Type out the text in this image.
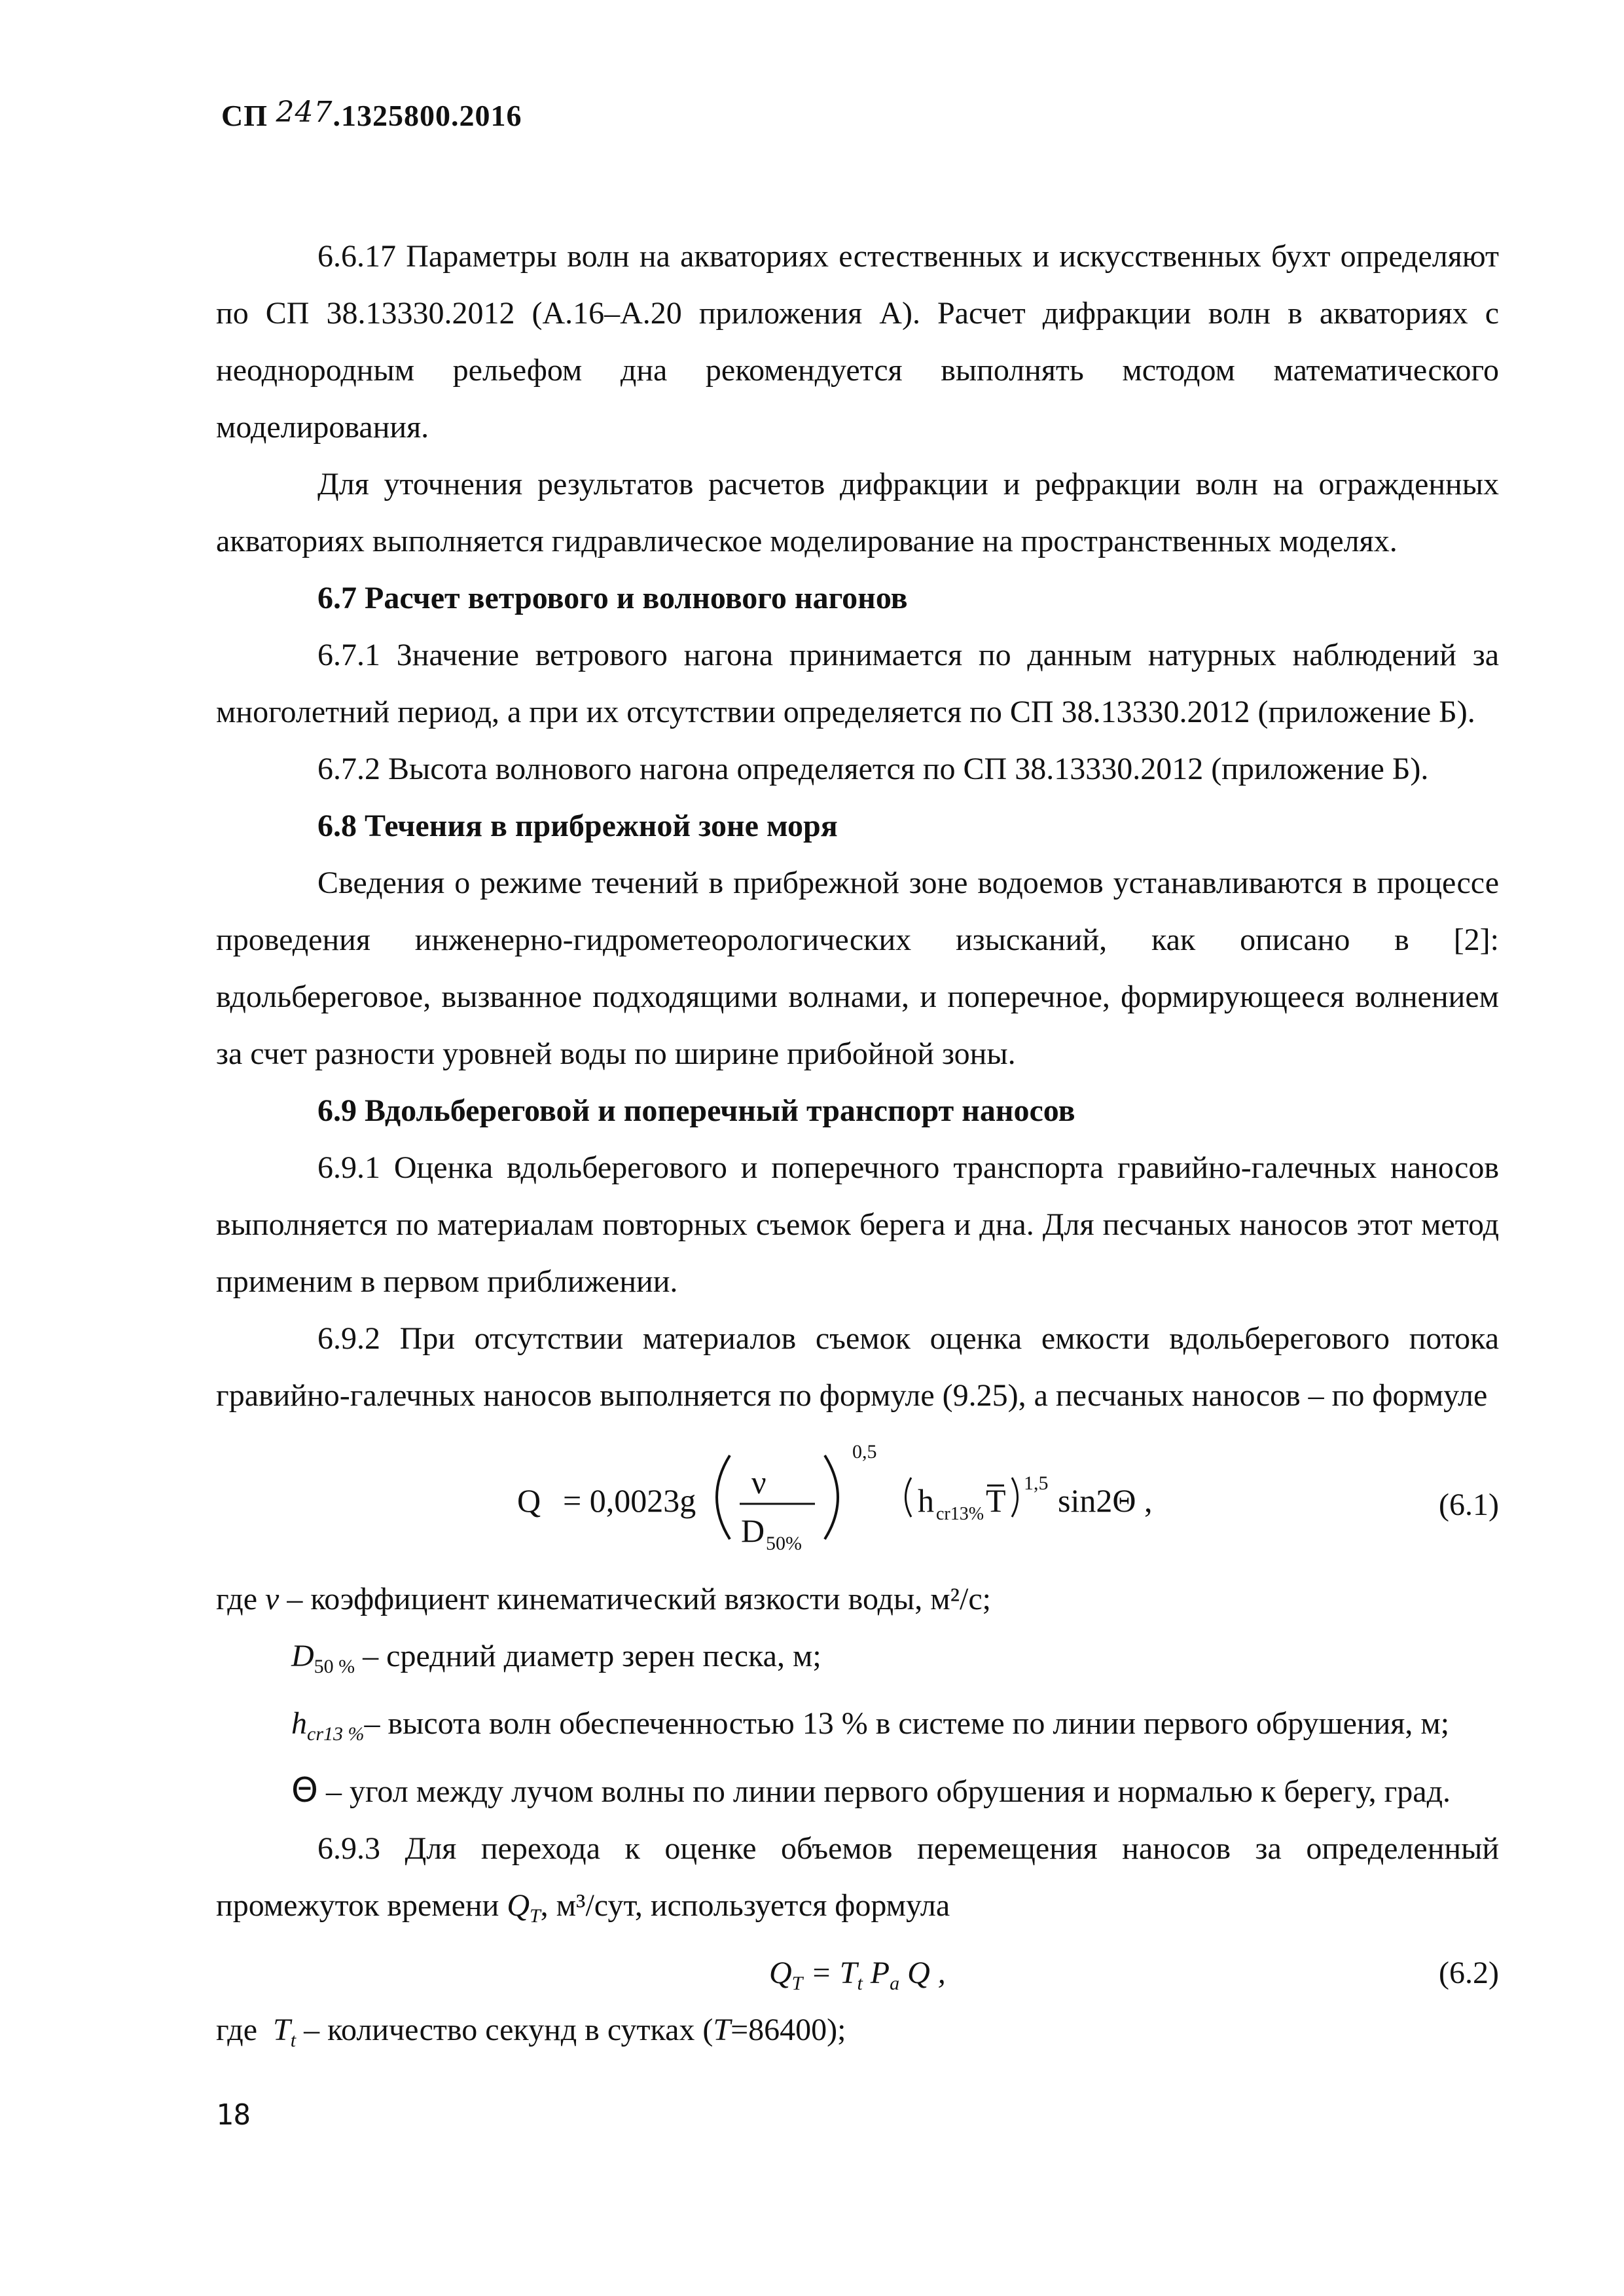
СП 247.1325800.2016

6.6.17 Параметры волн на акваториях естественных и искусственных бухт определяют по СП 38.13330.2012 (А.16–А.20 приложения А). Расчет дифракции волн в акваториях с неоднородным рельефом дна рекомендуется выполнять мстодом математического моделирования.

Для уточнения результатов расчетов дифракции и рефракции волн на огражденных акваториях выполняется гидравлическое моделирование на пространственных моделях.

6.7 Расчет ветрового и волнового нагонов

6.7.1 Значение ветрового нагона принимается по данным натурных наблюдений за многолетний период, а при их отсутствии определяется по СП 38.13330.2012 (приложение Б).

6.7.2 Высота волнового нагона определяется по СП 38.13330.2012 (приложение Б).

6.8 Течения в прибрежной зоне моря

Сведения о режиме течений в прибрежной зоне водоемов устанавливаются в процессе проведения инженерно-гидрометеорологических изысканий, как описано в [2]: вдольбереговое, вызванное подходящими волнами, и поперечное, формирующееся волнением за счет разности уровней воды по ширине прибойной зоны.

6.9 Вдольбереговой и поперечный транспорт наносов

6.9.1 Оценка вдольберегового и поперечного транспорта гравийно-галечных наносов выполняется по материалам повторных съемок берега и дна. Для песчаных наносов этот метод применим в первом приближении.

6.9.2 При отсутствии материалов съемок оценка емкости вдольберегового потока гравийно-галечных наносов выполняется по формуле (9.25), а песчаных наносов – по формуле

Q = 0,0023g ν
D 50%
0,5
h cr13% T 1,5 sin2Θ ,	(6.1)
где ν – коэффициент кинематический вязкости воды, м²/с;

$D_{50 \%}$ – средний диаметр зерен песка, м;

$h_{cr13 \%}-$ высота волн обеспеченностью 13 % в системе по линии первого обрушения, м;

Θ – угол между лучом волны по линии первого обрушения и нормалью к берегу, град.

6.9.3 Для перехода к оценке объемов перемещения наносов за определенный промежуток времени $Q_T$, м³/сут, используется формула

$Q_T = T_t$ $P_a$ Q ,	(6.2)

где $T_t$ – количество секунд в сутках (T=86400);

18
